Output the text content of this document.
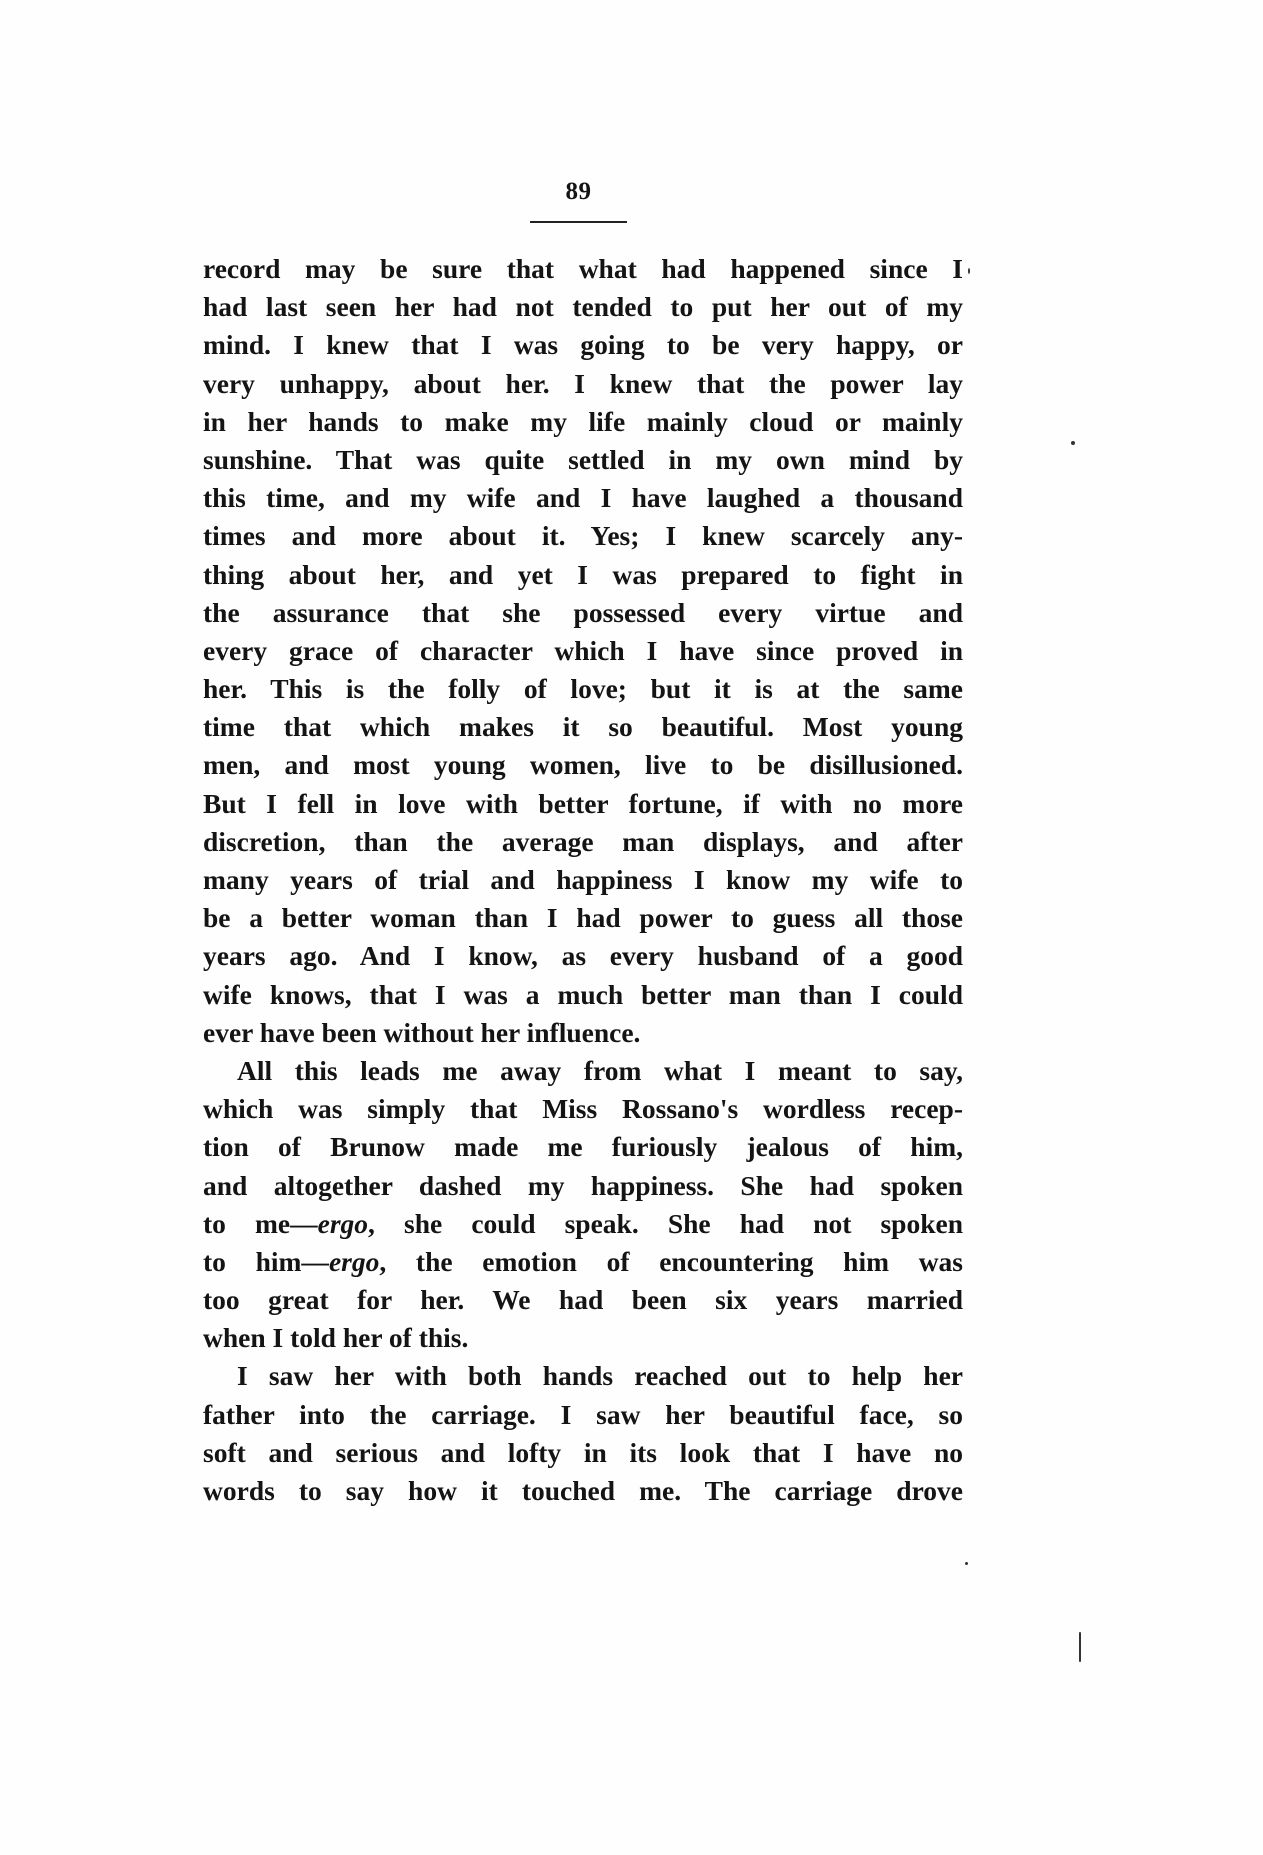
89
record may be sure that what had happened since I
had last seen her had not tended to put her out of my
mind. I knew that I was going to be very happy, or
very unhappy, about her. I knew that the power lay
in her hands to make my life mainly cloud or mainly
sunshine. That was quite settled in my own mind by
this time, and my wife and I have laughed a thousand
times and more about it. Yes; I knew scarcely any-
thing about her, and yet I was prepared to fight in
the assurance that she possessed every virtue and
every grace of character which I have since proved in
her. This is the folly of love; but it is at the same
time that which makes it so beautiful. Most young
men, and most young women, live to be disillusioned.
But I fell in love with better fortune, if with no more
discretion, than the average man displays, and after
many years of trial and happiness I know my wife to
be a better woman than I had power to guess all those
years ago. And I know, as every husband of a good
wife knows, that I was a much better man than I could
ever have been without her influence.
All this leads me away from what I meant to say,
which was simply that Miss Rossano's wordless recep-
tion of Brunow made me furiously jealous of him,
and altogether dashed my happiness. She had spoken
to me—ergo, she could speak. She had not spoken
to him—ergo, the emotion of encountering him was
too great for her. We had been six years married
when I told her of this.
I saw her with both hands reached out to help her
father into the carriage. I saw her beautiful face, so
soft and serious and lofty in its look that I have no
words to say how it touched me. The carriage drove
